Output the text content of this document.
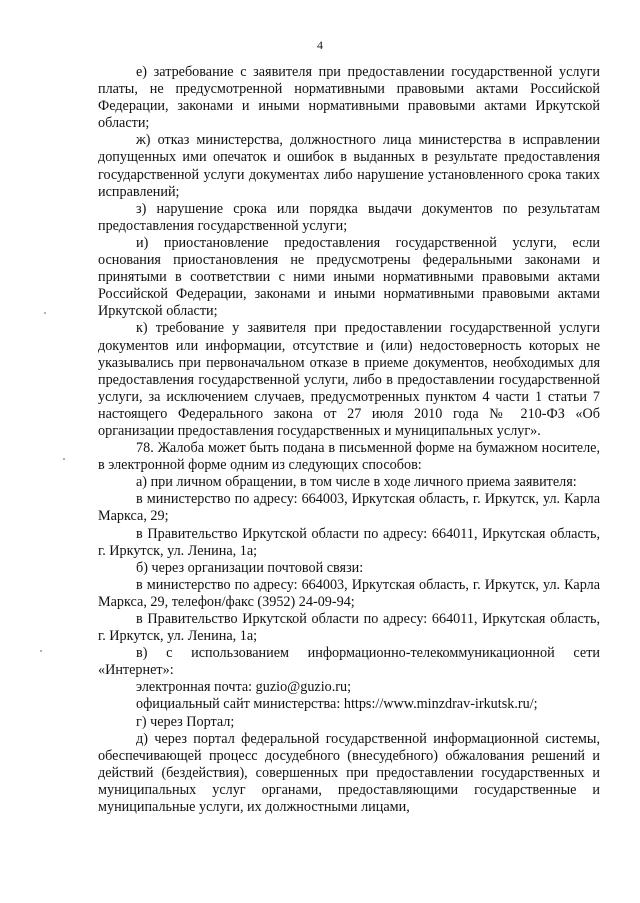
4

е) затребование с заявителя при предоставлении государственной услуги платы, не предусмотренной нормативными правовыми актами Российской Федерации, законами и иными нормативными правовыми актами Иркутской области;

ж) отказ министерства, должностного лица министерства в исправлении допущенных ими опечаток и ошибок в выданных в результате предоставления государственной услуги документах либо нарушение установленного срока таких исправлений;

з) нарушение срока или порядка выдачи документов по результатам предоставления государственной услуги;

и) приостановление предоставления государственной услуги, если основания приостановления не предусмотрены федеральными законами и принятыми в соответствии с ними иными нормативными правовыми актами Российской Федерации, законами и иными нормативными правовыми актами Иркутской области;

к) требование у заявителя при предоставлении государственной услуги документов или информации, отсутствие и (или) недостоверность которых не указывались при первоначальном отказе в приеме документов, необходимых для предоставления государственной услуги, либо в предоставлении государственной услуги, за исключением случаев, предусмотренных пунктом 4 части 1 статьи 7 настоящего Федерального закона от 27 июля 2010 года № 210-ФЗ «Об организации предоставления государственных и муниципальных услуг».

78. Жалоба может быть подана в письменной форме на бумажном носителе, в электронной форме одним из следующих способов:

а) при личном обращении, в том числе в ходе личного приема заявителя:

в министерство по адресу: 664003, Иркутская область, г. Иркутск, ул. Карла Маркса, 29;

в Правительство Иркутской области по адресу: 664011, Иркутская область, г. Иркутск, ул. Ленина, 1а;

б) через организации почтовой связи:

в министерство по адресу: 664003, Иркутская область, г. Иркутск, ул. Карла Маркса, 29, телефон/факс (3952) 24-09-94;

в Правительство Иркутской области по адресу: 664011, Иркутская область, г. Иркутск, ул. Ленина, 1а;

в) с использованием информационно-телекоммуникационной сети «Интернет»:

электронная почта: guzio@guzio.ru;

официальный сайт министерства: https://www.minzdrav-irkutsk.ru/;

г) через Портал;

д) через портал федеральной государственной информационной системы, обеспечивающей процесс досудебного (внесудебного) обжалования решений и действий (бездействия), совершенных при предоставлении государственных и муниципальных услуг органами, предоставляющими государственные и муниципальные услуги, их должностными лицами,
